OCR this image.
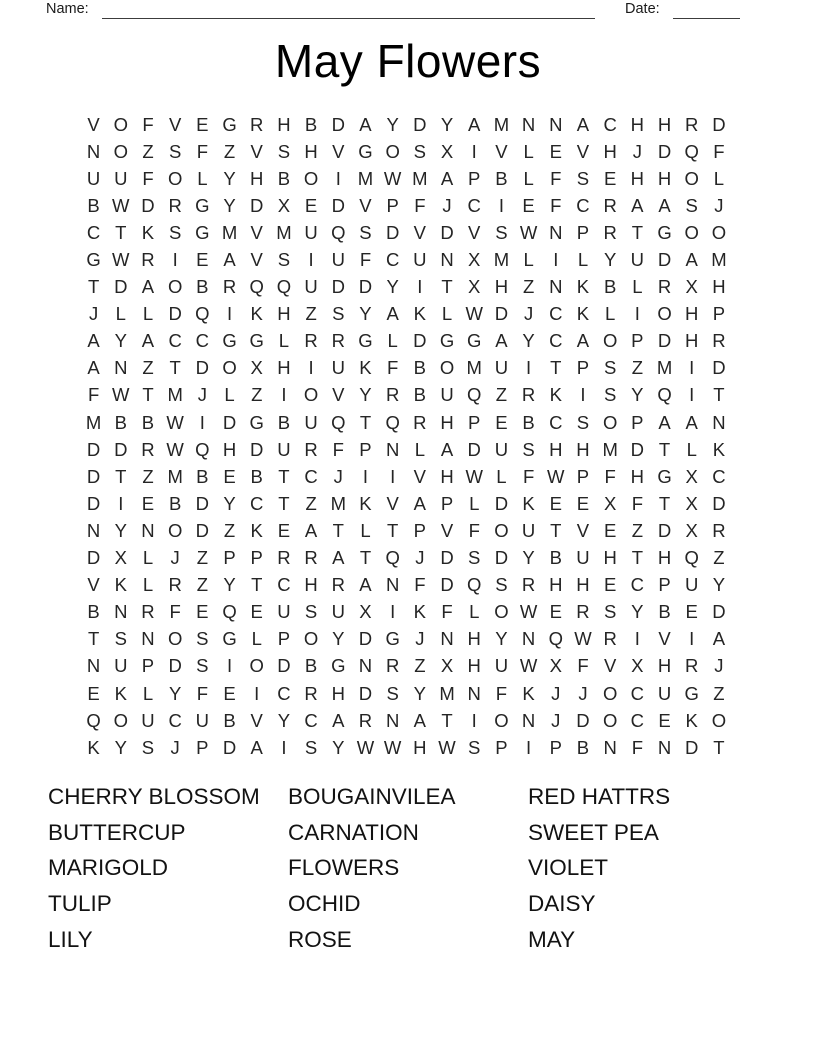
Name:	Date:
May Flowers
V O F V E G R H B D A Y D Y A M N N A C H H R D
N O Z S F Z V S H V G O S X I V L E V H J D Q F
U U F O L Y H B O I M W M A P B L F S E H H O L
B W D R G Y D X E D V P F J C I E F C R A A S J
C T K S G M V M U Q S D V D V S W N P R T G O O
G W R I E A V S I U F C U N X M L	I	L Y U D A M
T D A O B R Q Q U D D Y I	T X H Z N K B L R X H
J L L D Q I K H Z S Y A K L W D J C K L	I O H P
A Y A C C G G L R R G L D G G A Y C A O P D H R
A N Z T D O X H I U K F B O M U I	T P S Z M I D
F W T M J L Z	I O V Y R B U Q Z R K I S Y Q I	T
M B B W I D G B U Q T Q R H P E B C S O P A A N
D D R W Q H D U R F P N L A D U S H H M D T L K
D T Z M B E B T C J	I	I V H W L F W P F H G X C
D I E B D Y C T Z M K V A P L D K E E X F T X D
N Y N O D Z K E A T L T P V F O U T V E Z D X R
D X L J Z P P R R A T Q J D S D Y B U H T H Q Z
V K L R Z Y T C H R A N F D Q S R H H E C P U Y
B N R F E Q E U S U X I K F L O W E R S Y B E D
T S N O S G L P O Y D G J N H Y N Q W R I V I A
N U P D S I O D B G N R Z X H U W X F V X H R J
E K L Y F E I C R H D S Y M N F K J J O C U G Z
Q O U C U B V Y C A R N A T	I O N J D O C E K O
K Y S J P D A I S Y W W H W S P I P B N F N D T
CHERRY BLOSSOM
BUTTERCUP
MARIGOLD
TULIP
LILY
BOUGAINVILEA
CARNATION
FLOWERS
OCHID
ROSE
RED HATTRS
SWEET PEA
VIOLET
DAISY
MAY
